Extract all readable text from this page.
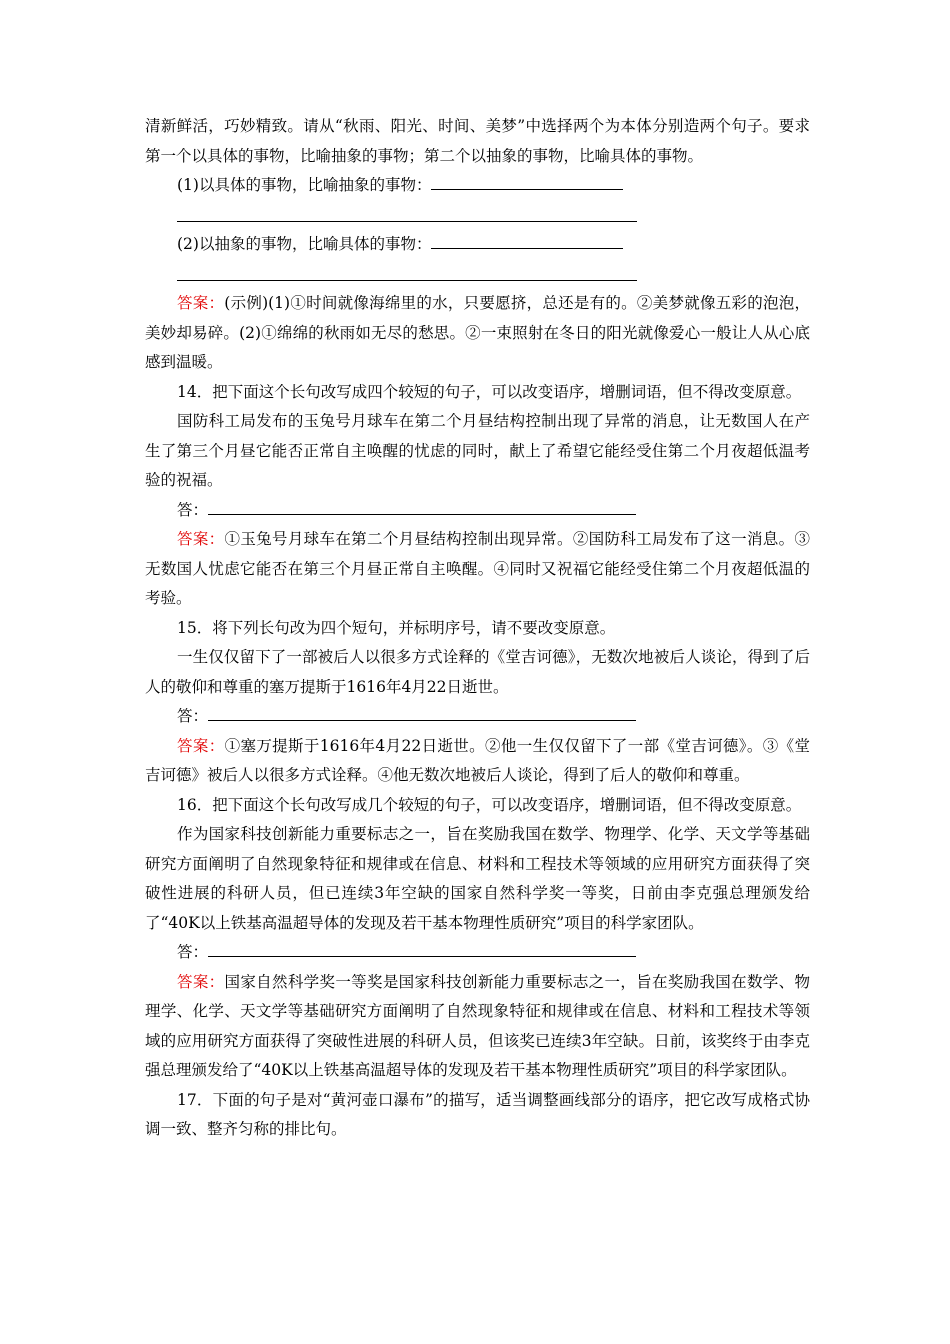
清新鲜活，巧妙精致。请从“秋雨、阳光、时间、美梦”中选择两个为本体分别造两个句子。要求第一个以具体的事物，比喻抽象的事物；第二个以抽象的事物，比喻具体的事物。

(1)以具体的事物，比喻抽象的事物：

(2)以抽象的事物，比喻具体的事物：

答案：(示例)(1)①时间就像海绵里的水，只要愿挤，总还是有的。②美梦就像五彩的泡泡，美妙却易碎。(2)①绵绵的秋雨如无尽的愁思。②一束照射在冬日的阳光就像爱心一般让人从心底感到温暖。

14．把下面这个长句改写成四个较短的句子，可以改变语序，增删词语，但不得改变原意。

国防科工局发布的玉兔号月球车在第二个月昼结构控制出现了异常的消息，让无数国人在产生了第三个月昼它能否正常自主唤醒的忧虑的同时，献上了希望它能经受住第二个月夜超低温考验的祝福。

答：

答案：①玉兔号月球车在第二个月昼结构控制出现异常。②国防科工局发布了这一消息。③无数国人忧虑它能否在第三个月昼正常自主唤醒。④同时又祝福它能经受住第二个月夜超低温的考验。

15．将下列长句改为四个短句，并标明序号，请不要改变原意。

一生仅仅留下了一部被后人以很多方式诠释的《堂吉诃德》，无数次地被后人谈论，得到了后人的敬仰和尊重的塞万提斯于1616年4月22日逝世。

答：

答案：①塞万提斯于1616年4月22日逝世。②他一生仅仅留下了一部《堂吉诃德》。③《堂吉诃德》被后人以很多方式诠释。④他无数次地被后人谈论，得到了后人的敬仰和尊重。

16．把下面这个长句改写成几个较短的句子，可以改变语序，增删词语，但不得改变原意。

作为国家科技创新能力重要标志之一，旨在奖励我国在数学、物理学、化学、天文学等基础研究方面阐明了自然现象特征和规律或在信息、材料和工程技术等领域的应用研究方面获得了突破性进展的科研人员，但已连续3年空缺的国家自然科学奖一等奖，日前由李克强总理颁发给了“40K以上铁基高温超导体的发现及若干基本物理性质研究”项目的科学家团队。

答：

答案：国家自然科学奖一等奖是国家科技创新能力重要标志之一，旨在奖励我国在数学、物理学、化学、天文学等基础研究方面阐明了自然现象特征和规律或在信息、材料和工程技术等领域的应用研究方面获得了突破性进展的科研人员，但该奖已连续3年空缺。日前，该奖终于由李克强总理颁发给了“40K以上铁基高温超导体的发现及若干基本物理性质研究”项目的科学家团队。

17．下面的句子是对“黄河壶口瀑布”的描写，适当调整画线部分的语序，把它改写成格式协调一致、整齐匀称的排比句。
